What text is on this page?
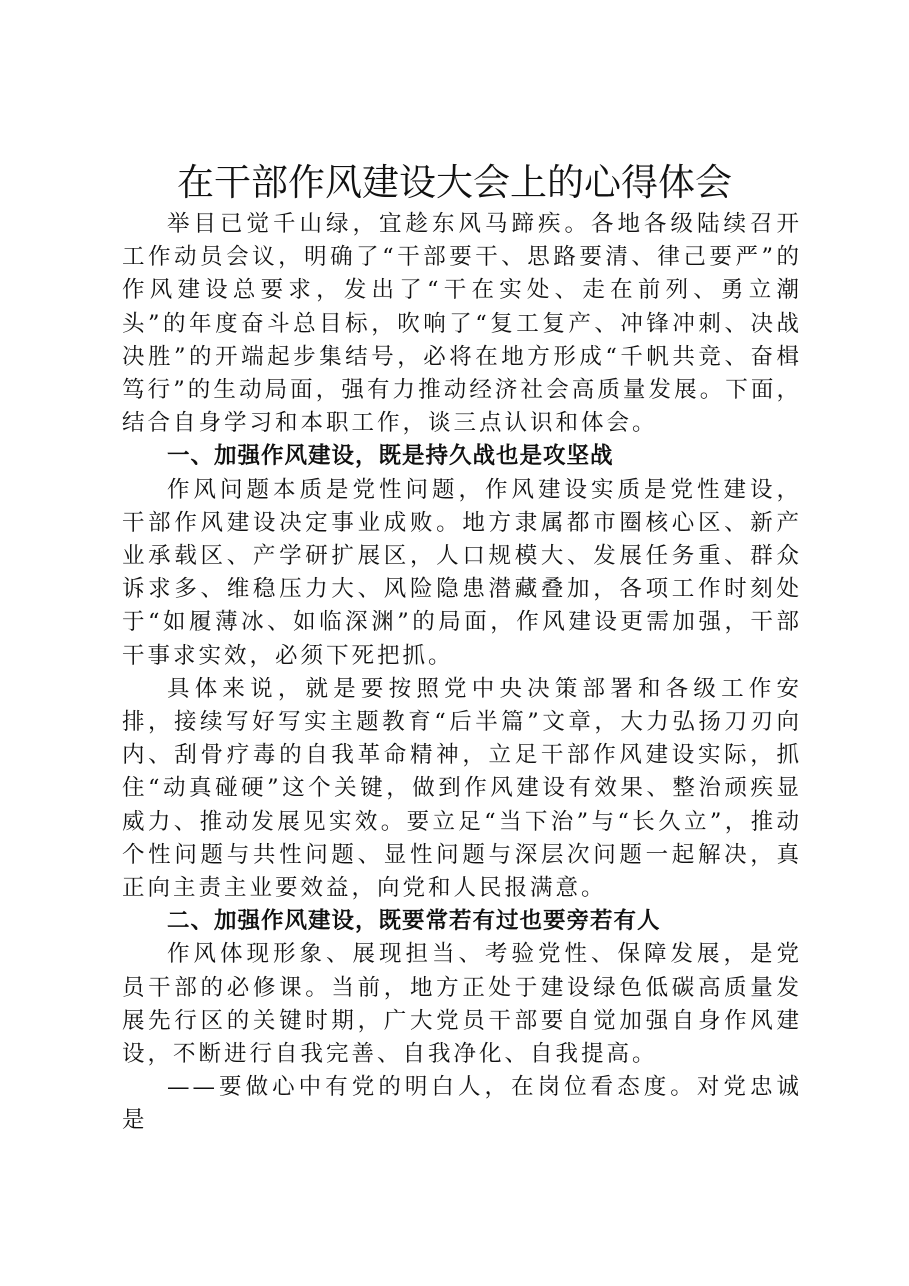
在干部作风建设大会上的心得体会

举目已觉千山绿，宜趁东风马蹄疾。各地各级陆续召开工作动员会议，明确了“干部要干、思路要清、律己要严”的作风建设总要求，发出了“干在实处、走在前列、勇立潮头”的年度奋斗总目标，吹响了“复工复产、冲锋冲刺、决战决胜”的开端起步集结号，必将在地方形成“千帆共竞、奋楫笃行”的生动局面，强有力推动经济社会高质量发展。下面，结合自身学习和本职工作，谈三点认识和体会。

一、加强作风建设，既是持久战也是攻坚战

作风问题本质是党性问题，作风建设实质是党性建设，干部作风建设决定事业成败。地方隶属都市圈核心区、新产业承载区、产学研扩展区，人口规模大、发展任务重、群众诉求多、维稳压力大、风险隐患潜藏叠加，各项工作时刻处于“如履薄冰、如临深渊”的局面，作风建设更需加强，干部干事求实效，必须下死把抓。

具体来说，就是要按照党中央决策部署和各级工作安排，接续写好写实主题教育“后半篇”文章，大力弘扬刀刃向内、刮骨疗毒的自我革命精神，立足干部作风建设实际，抓住“动真碰硬”这个关键，做到作风建设有效果、整治顽疾显威力、推动发展见实效。要立足“当下治”与“长久立”，推动个性问题与共性问题、显性问题与深层次问题一起解决，真正向主责主业要效益，向党和人民报满意。

二、加强作风建设，既要常若有过也要旁若有人

作风体现形象、展现担当、考验党性、保障发展，是党员干部的必修课。当前，地方正处于建设绿色低碳高质量发展先行区的关键时期，广大党员干部要自觉加强自身作风建设，不断进行自我完善、自我净化、自我提高。

——要做心中有党的明白人，在岗位看态度。对党忠诚是
